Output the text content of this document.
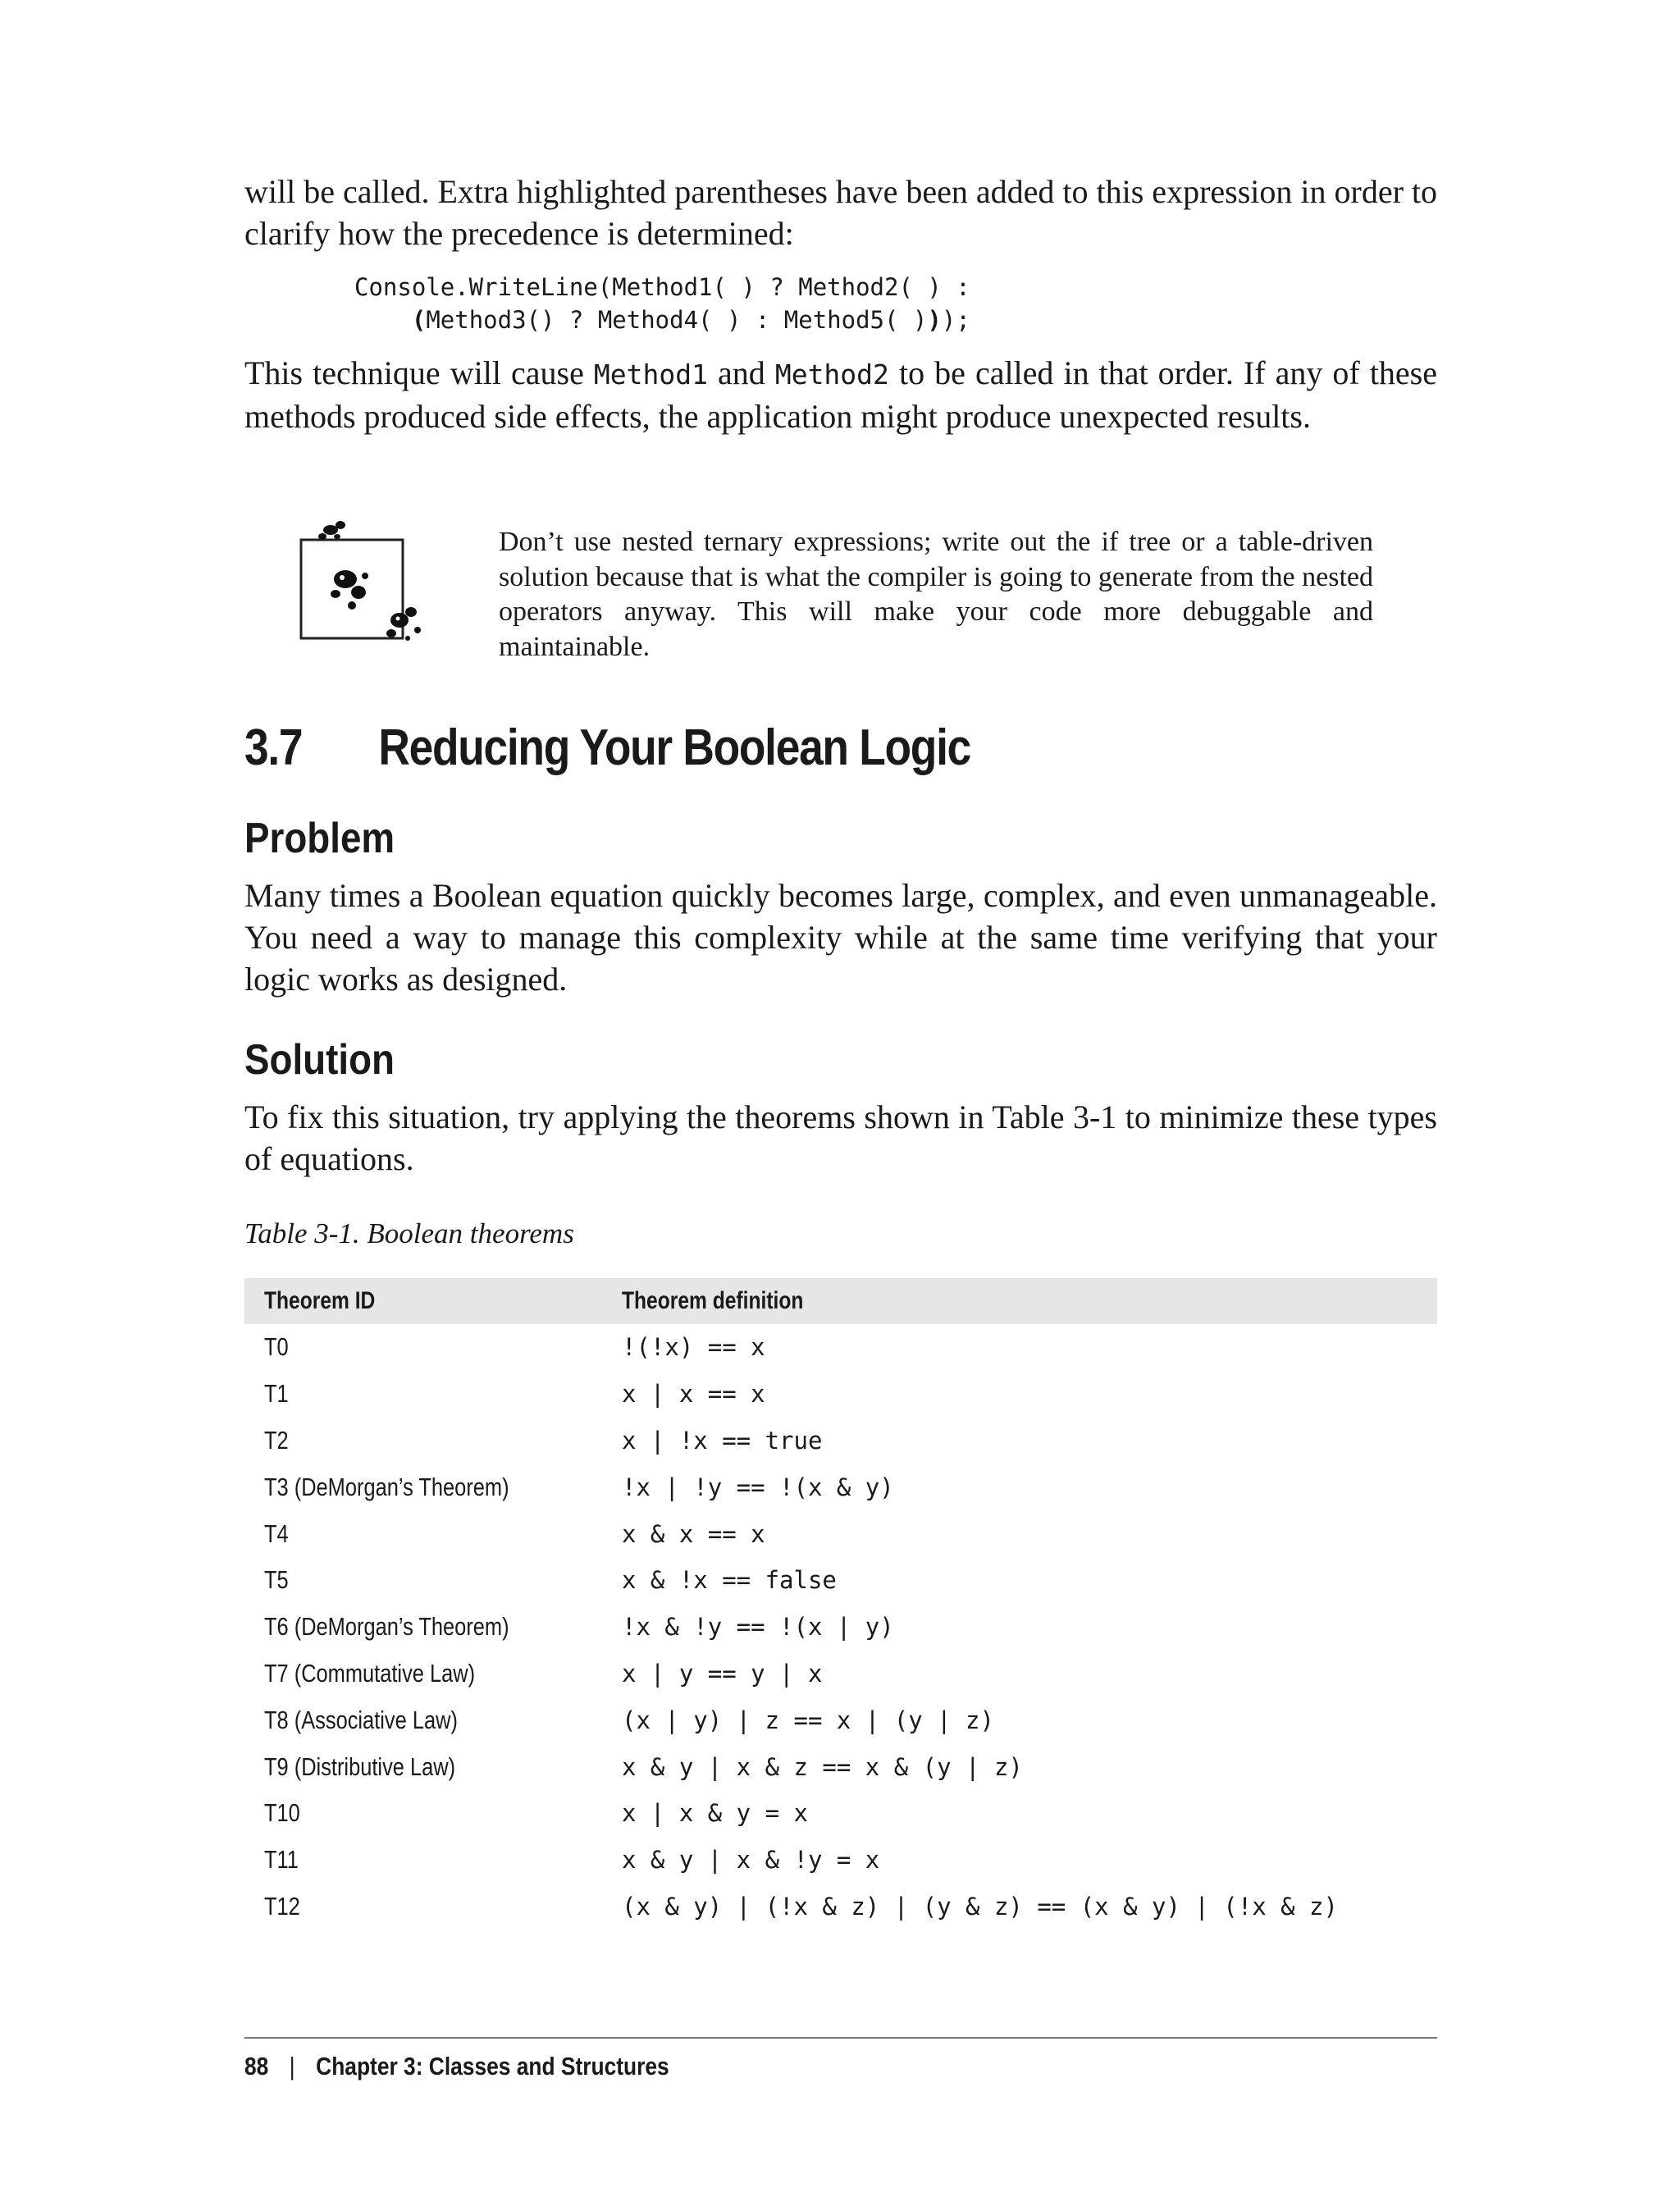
will be called. Extra highlighted parentheses have been added to this expression in order to clarify how the precedence is determined:

Console.WriteLine(Method1( ) ? Method2( ) :

(Method3() ? Method4( ) : Method5( )));

This technique will cause Method1 and Method2 to be called in that order. If any of these methods produced side effects, the application might produce unexpected results.

Don’t use nested ternary expressions; write out the if tree or a table-driven solution because that is what the compiler is going to generate from the nested operators anyway. This will make your code more debuggable and maintainable.

3.7 Reducing Your Boolean Logic
Problem

Many times a Boolean equation quickly becomes large, complex, and even unmanageable. You need a way to manage this complexity while at the same time verifying that your logic works as designed.

Solution

To fix this situation, try applying the theorems shown in Table 3-1 to minimize these types of equations.

Table 3-1. Boolean theorems

Theorem ID	Theorem definition
T0	!(!x) == x
T1	x | x == x
T2	x | !x == true
T3 (DeMorgan’s Theorem)	!x | !y == !(x & y)
T4	x & x == x
T5	x & !x == false
T6 (DeMorgan’s Theorem)	!x & !y == !(x | y)
T7 (Commutative Law)	x | y == y | x
T8 (Associative Law)	(x | y) | z == x | (y | z)
T9 (Distributive Law)	x & y | x & z == x & (y | z)
T10	x | x & y = x
T11	x & y | x & !y = x
T12	(x & y) | (!x & z) | (y & z) == (x & y) | (!x & z)
88 | Chapter 3: Classes and Structures
